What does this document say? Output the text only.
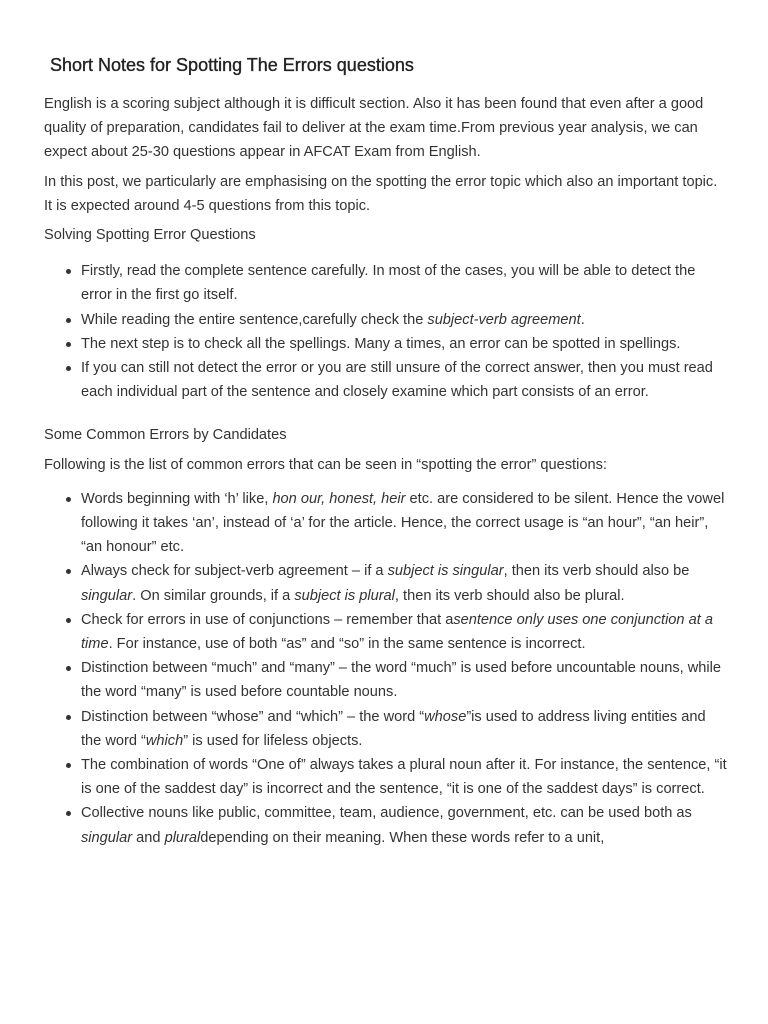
Short Notes for Spotting The Errors questions

English is a scoring subject although it is difficult section. Also it has been found that even after a good quality of preparation, candidates fail to deliver at the exam time.From previous year analysis, we can expect about 25-30 questions appear in AFCAT Exam from English.

In this post, we particularly are emphasising on the spotting the error topic which also an important topic. It is expected around 4-5 questions from this topic.

Solving Spotting Error Questions

Firstly, read the complete sentence carefully. In most of the cases, you will be able to detect the error in the first go itself.
While reading the entire sentence,carefully check the subject-verb agreement.
The next step is to check all the spellings. Many a times, an error can be spotted in spellings.
If you can still not detect the error or you are still unsure of the correct answer, then you must read each individual part of the sentence and closely examine which part consists of an error.

Some Common Errors by Candidates

Following is the list of common errors that can be seen in “spotting the error” questions:

Words beginning with ‘h’ like, hon our, honest, heir etc. are considered to be silent. Hence the vowel following it takes ‘an’, instead of ‘a’ for the article. Hence, the correct usage is “an hour”, “an heir”, “an honour” etc.
Always check for subject-verb agreement – if a subject is singular, then its verb should also be singular. On similar grounds, if a subject is plural, then its verb should also be plural.
Check for errors in use of conjunctions – remember that asentence only uses one conjunction at a time. For instance, use of both “as” and “so” in the same sentence is incorrect.
Distinction between “much” and “many” – the word “much” is used before uncountable nouns, while the word “many” is used before countable nouns.
Distinction between “whose” and “which” – the word “whose”is used to address living entities and the word “which” is used for lifeless objects.
The combination of words “One of” always takes a plural noun after it. For instance, the sentence, “it is one of the saddest day” is incorrect and the sentence, “it is one of the saddest days” is correct.
Collective nouns like public, committee, team, audience, government, etc. can be used both as singular and pluraldepending on their meaning. When these words refer to a unit,
